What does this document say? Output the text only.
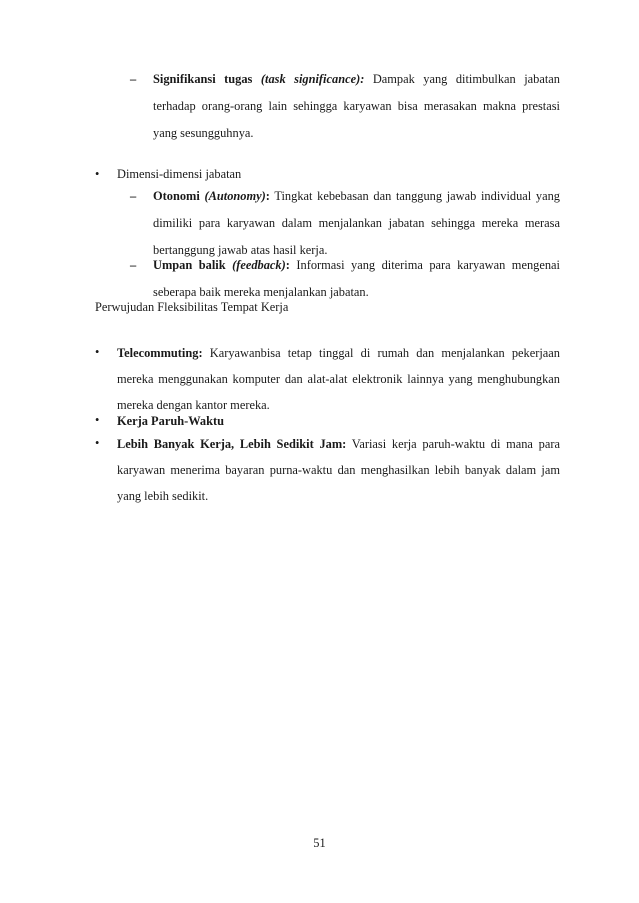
–	Signifikansi tugas (task significance): Dampak yang ditimbulkan jabatan terhadap orang-orang lain sehingga karyawan bisa merasakan makna prestasi yang sesungguhnya.
• Dimensi-dimensi jabatan
–	Otonomi (Autonomy): Tingkat kebebasan dan tanggung jawab individual yang dimiliki para karyawan dalam menjalankan jabatan sehingga mereka merasa bertanggung jawab atas hasil kerja.
–	Umpan balik (feedback): Informasi yang diterima para karyawan mengenai seberapa baik mereka menjalankan jabatan.
Perwujudan Fleksibilitas Tempat Kerja
• Telecommuting: Karyawanbisa tetap tinggal di rumah dan menjalankan pekerjaan mereka menggunakan komputer dan alat-alat elektronik lainnya yang menghubungkan mereka dengan kantor mereka.
• Kerja Paruh-Waktu
• Lebih Banyak Kerja, Lebih Sedikit Jam: Variasi kerja paruh-waktu di mana para karyawan menerima bayaran purna-waktu dan menghasilkan lebih banyak dalam jam yang lebih sedikit.
51
